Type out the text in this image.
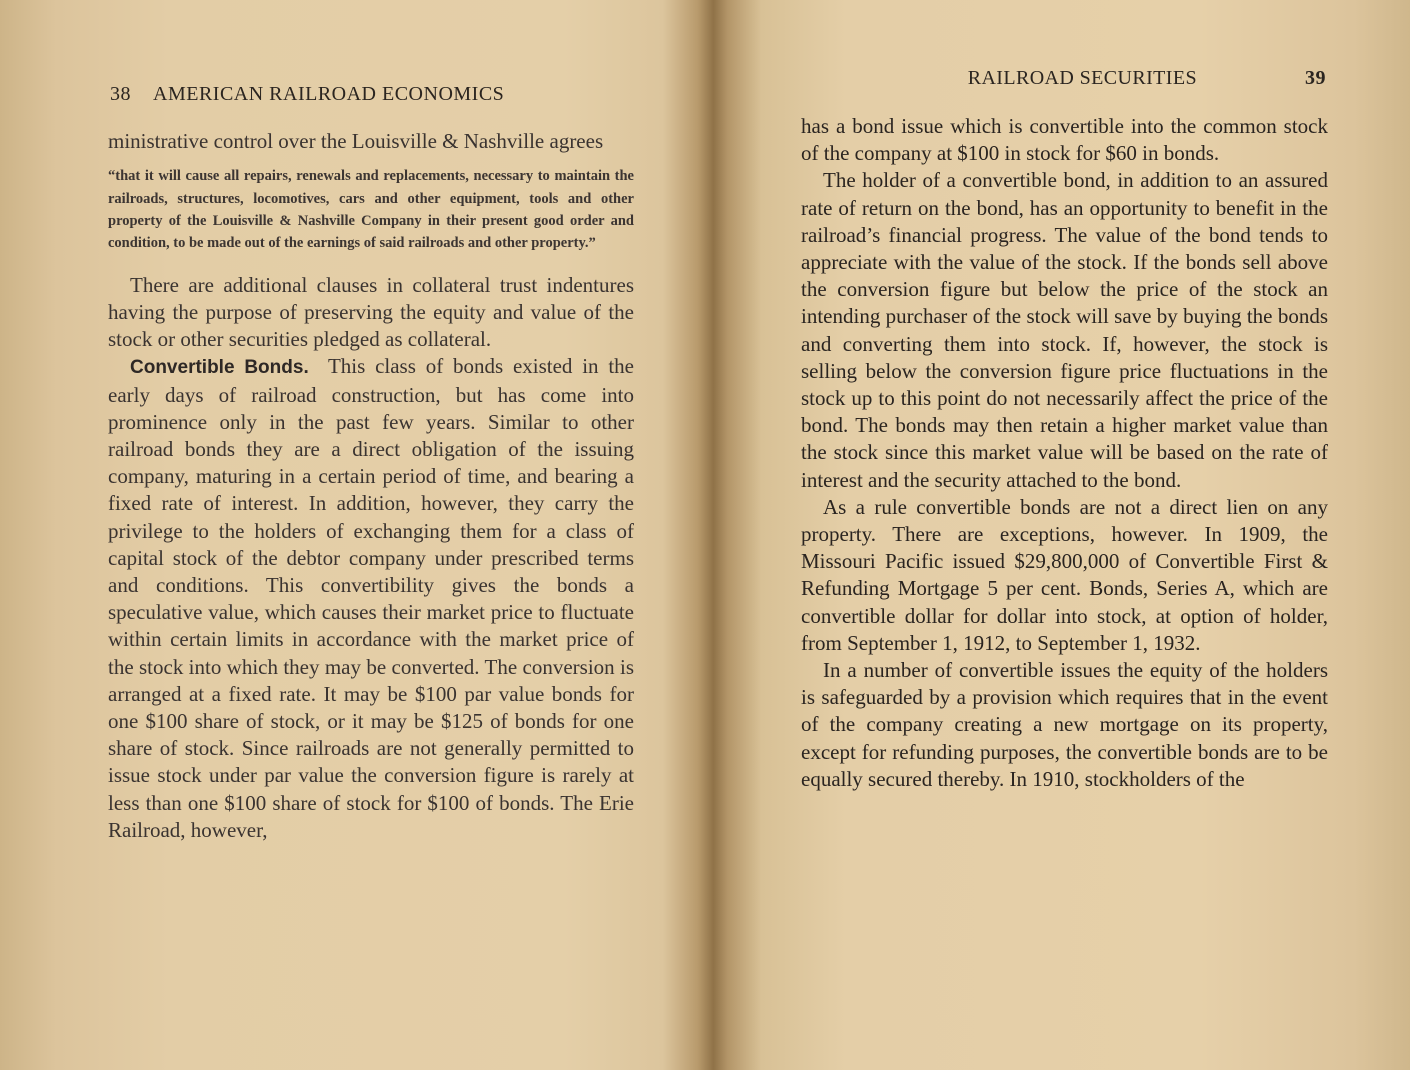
38 AMERICAN RAILROAD ECONOMICS

ministrative control over the Louisville & Nashville agrees

“that it will cause all repairs, renewals and replacements, necessary to maintain the railroads, structures, locomotives, cars and other equipment, tools and other property of the Louisville & Nashville Company in their present good order and condition, to be made out of the earnings of said railroads and other property.”

There are additional clauses in collateral trust indentures having the purpose of preserving the equity and value of the stock or other securities pledged as collateral.

Convertible Bonds. This class of bonds existed in the early days of railroad construction, but has come into prominence only in the past few years. Similar to other railroad bonds they are a direct obligation of the issuing company, maturing in a certain period of time, and bearing a fixed rate of interest. In addition, however, they carry the privilege to the holders of exchanging them for a class of capital stock of the debtor company under prescribed terms and conditions. This convertibility gives the bonds a speculative value, which causes their market price to fluctuate within certain limits in accordance with the market price of the stock into which they may be converted. The conversion is arranged at a fixed rate. It may be $100 par value bonds for one $100 share of stock, or it may be $125 of bonds for one share of stock. Since railroads are not generally permitted to issue stock under par value the conversion figure is rarely at less than one $100 share of stock for $100 of bonds. The Erie Railroad, however,

RAILROAD SECURITIES	39

has a bond issue which is convertible into the common stock of the company at $100 in stock for $60 in bonds.

The holder of a convertible bond, in addition to an assured rate of return on the bond, has an opportunity to benefit in the railroad’s financial progress. The value of the bond tends to appreciate with the value of the stock. If the bonds sell above the conversion figure but below the price of the stock an intending purchaser of the stock will save by buying the bonds and converting them into stock. If, however, the stock is selling below the conversion figure price fluctuations in the stock up to this point do not necessarily affect the price of the bond. The bonds may then retain a higher market value than the stock since this market value will be based on the rate of interest and the security attached to the bond.

As a rule convertible bonds are not a direct lien on any property. There are exceptions, however. In 1909, the Missouri Pacific issued $29,800,000 of Convertible First & Refunding Mortgage 5 per cent. Bonds, Series A, which are convertible dollar for dollar into stock, at option of holder, from September 1, 1912, to September 1, 1932.

In a number of convertible issues the equity of the holders is safeguarded by a provision which requires that in the event of the company creating a new mortgage on its property, except for refunding purposes, the convertible bonds are to be equally secured thereby. In 1910, stockholders of the
